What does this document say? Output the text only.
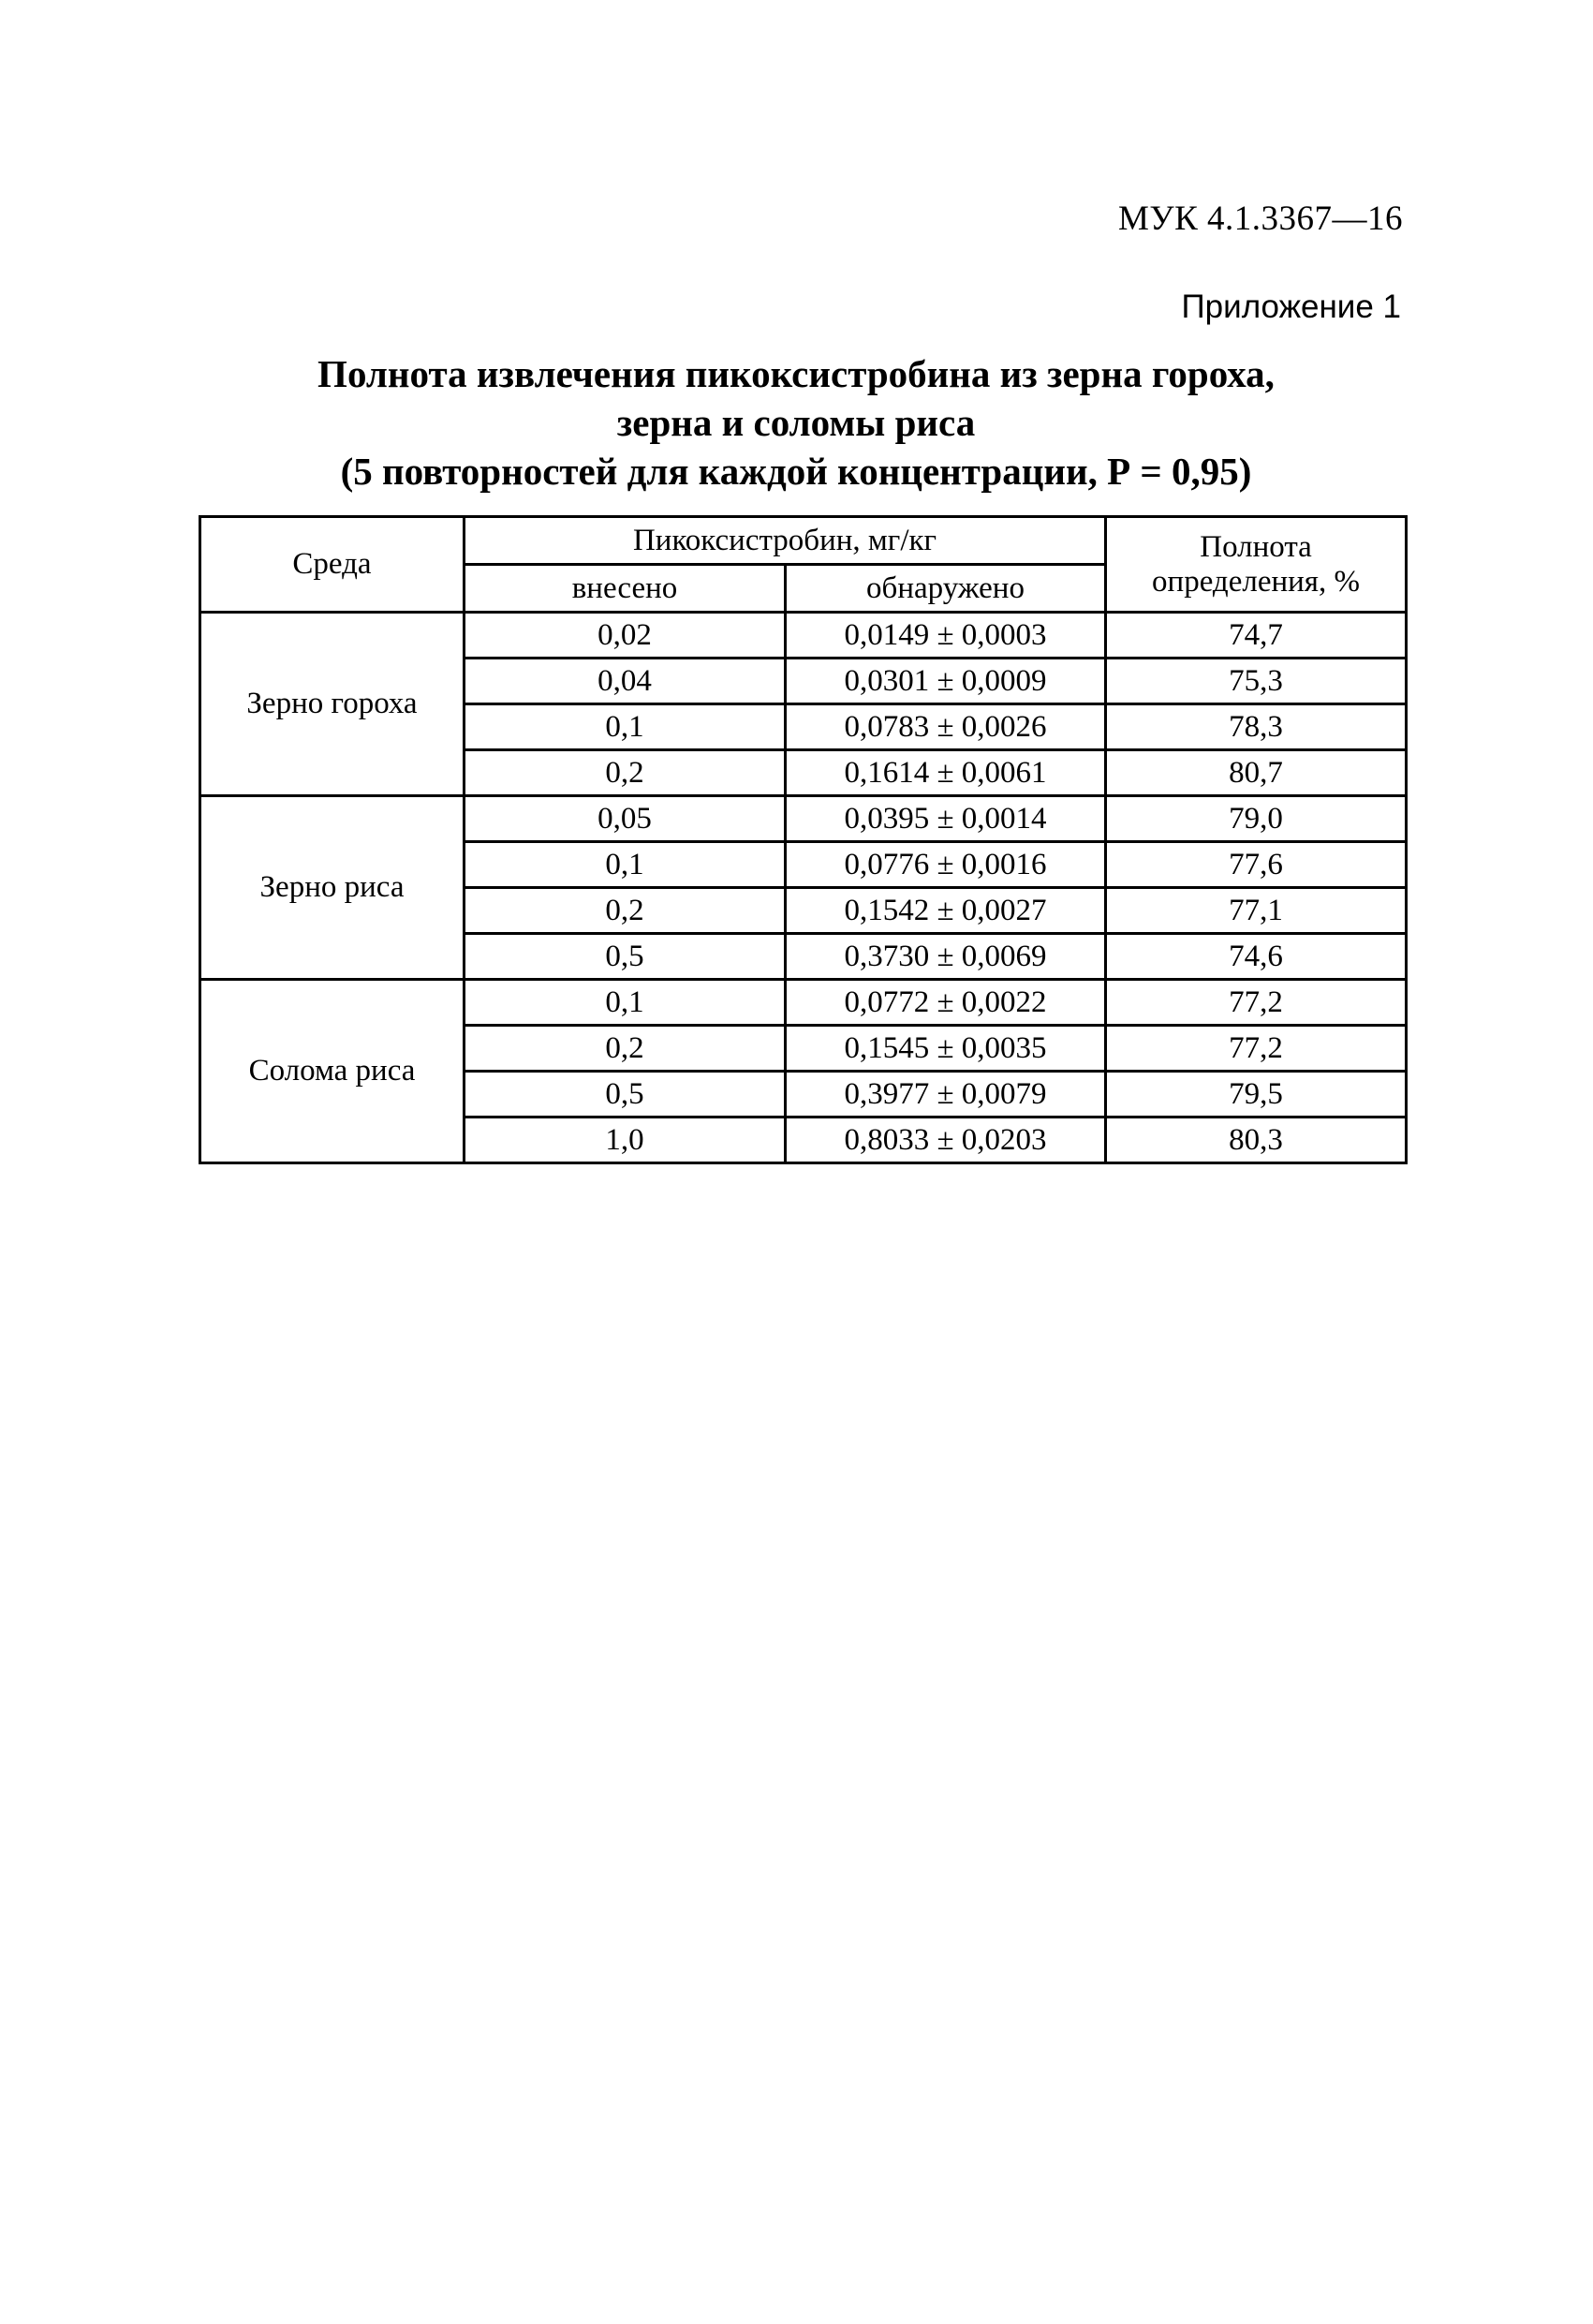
МУК 4.1.3367—16
Приложение 1
Полнота извлечения пикоксистробина из зерна гороха,
зерна и соломы риса
(5 повторностей для каждой концентрации, Р = 0,95)
Среда	Пикоксистробин, мг/кг		Полнота
определения, %
	внесено	обнаружено	
Зерно гороха	0,02	0,0149 ± 0,0003	74,7
	0,04	0,0301 ± 0,0009	75,3
	0,1	0,0783 ± 0,0026	78,3
	0,2	0,1614 ± 0,0061	80,7
Зерно риса	0,05	0,0395 ± 0,0014	79,0
	0,1	0,0776 ± 0,0016	77,6
	0,2	0,1542 ± 0,0027	77,1
	0,5	0,3730 ± 0,0069	74,6
Солома риса	0,1	0,0772 ± 0,0022	77,2
	0,2	0,1545 ± 0,0035	77,2
	0,5	0,3977 ± 0,0079	79,5
	1,0	0,8033 ± 0,0203	80,3
